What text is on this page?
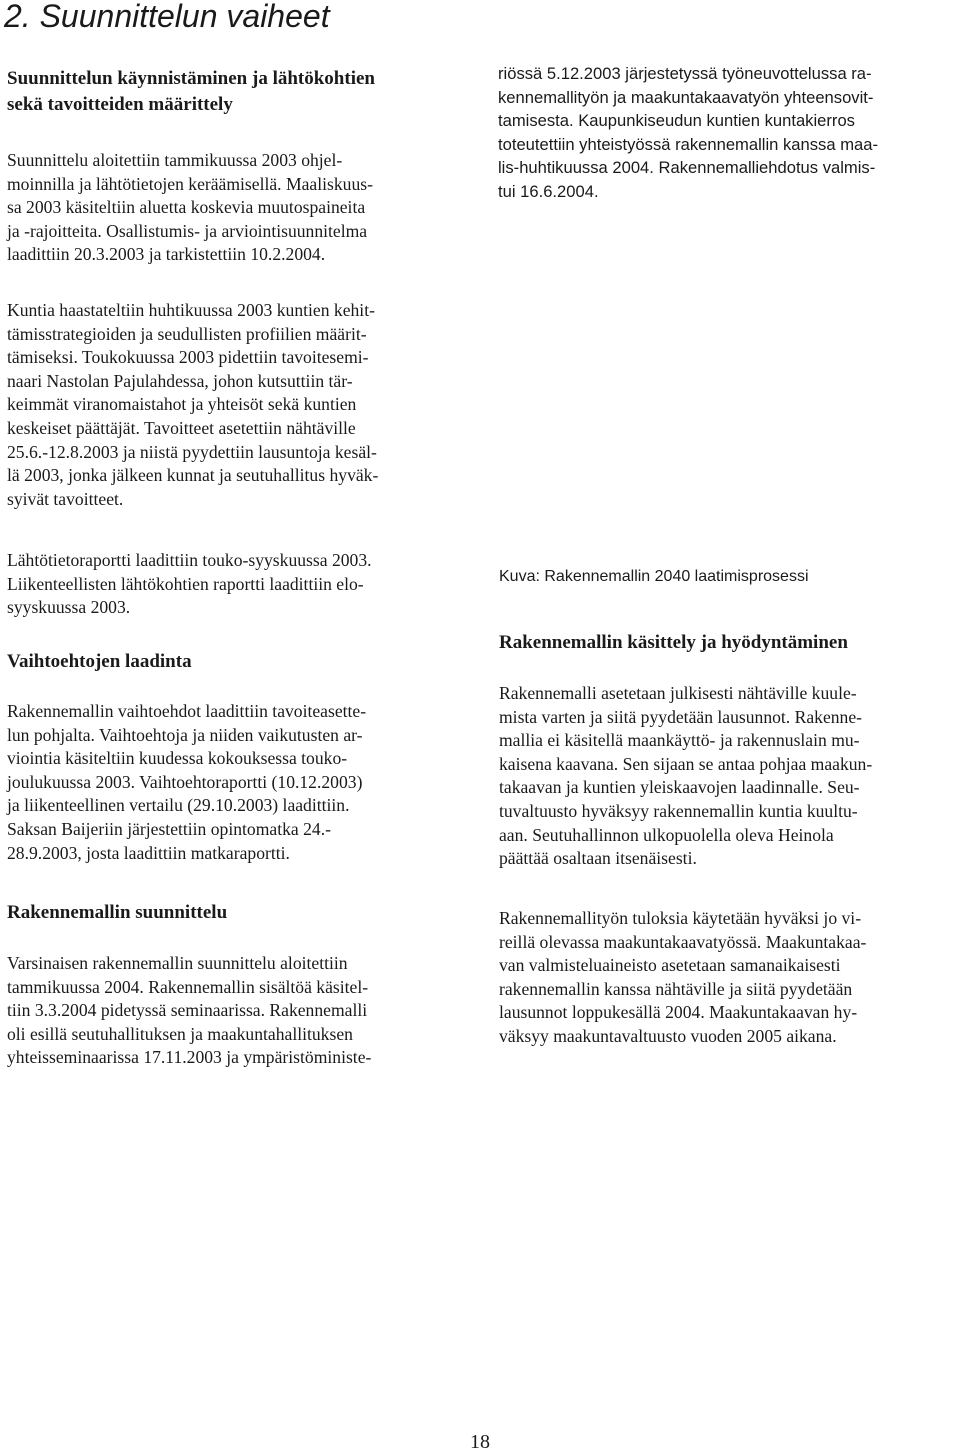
2. Suunnittelun vaiheet
Suunnittelun käynnistäminen ja lähtökohtien
sekä tavoitteiden määrittely
Suunnittelu aloitettiin tammikuussa 2003 ohjel-
moinnilla ja lähtötietojen keräämisellä. Maaliskuus-
sa 2003 käsiteltiin aluetta koskevia muutospaineita
ja -rajoitteita. Osallistumis- ja arviointisuunnitelma
laadittiin 20.3.2003 ja tarkistettiin 10.2.2004.
Kuntia haastateltiin huhtikuussa 2003 kuntien kehit-
tämisstrategioiden ja seudullisten profiilien määrit-
tämiseksi. Toukokuussa 2003 pidettiin tavoitesemi-
naari Nastolan Pajulahdessa, johon kutsuttiin tär-
keimmät viranomaistahot ja yhteisöt sekä kuntien
keskeiset päättäjät. Tavoitteet asetettiin nähtäville
25.6.-12.8.2003 ja niistä pyydettiin lausuntoja kesäl-
lä 2003, jonka jälkeen kunnat ja seutuhallitus hyväk-
syivät tavoitteet.
Lähtötietoraportti laadittiin touko-syyskuussa 2003.
Liikenteellisten lähtökohtien raportti laadittiin elo-
syyskuussa 2003.
Vaihtoehtojen laadinta
Rakennemallin vaihtoehdot laadittiin tavoiteasette-
lun pohjalta. Vaihtoehtoja ja niiden vaikutusten ar-
viointia käsiteltiin kuudessa kokouksessa touko-
joulukuussa 2003. Vaihtoehtoraportti (10.12.2003)
ja liikenteellinen vertailu (29.10.2003) laadittiin.
Saksan Baijeriin järjestettiin opintomatka 24.-
28.9.2003, josta laadittiin matkaraportti.
Rakennemallin suunnittelu
Varsinaisen rakennemallin suunnittelu aloitettiin
tammikuussa 2004. Rakennemallin sisältöä käsitel-
tiin 3.3.2004 pidetyssä seminaarissa. Rakennemalli
oli esillä seutuhallituksen ja maakuntahallituksen
yhteisseminaarissa 17.11.2003 ja ympäristöministe-
riössä 5.12.2003 järjestetyssä työneuvottelussa ra-
kennemallityön ja maakuntakaavatyön yhteensovit-
tamisesta. Kaupunkiseudun kuntien kuntakierros
toteutettiin yhteistyössä rakennemallin kanssa maa-
lis-huhtikuussa 2004. Rakennemalliehdotus valmis-
tui 16.6.2004.
Kuva: Rakennemallin 2040 laatimisprosessi
Rakennemallin käsittely ja hyödyntäminen
Rakennemalli asetetaan julkisesti nähtäville kuule-
mista varten ja siitä pyydetään lausunnot. Rakenne-
mallia ei käsitellä maankäyttö- ja rakennuslain mu-
kaisena kaavana. Sen sijaan se antaa pohjaa maakun-
takaavan ja kuntien yleiskaavojen laadinnalle. Seu-
tuvaltuusto hyväksyy rakennemallin kuntia kuultu-
aan. Seutuhallinnon ulkopuolella oleva Heinola
päättää osaltaan itsenäisesti.
Rakennemallityön tuloksia käytetään hyväksi jo vi-
reillä olevassa maakuntakaavatyössä. Maakuntakaa-
van valmisteluaineisto asetetaan samanaikaisesti
rakennemallin kanssa nähtäville ja siitä pyydetään
lausunnot loppukesällä 2004. Maakuntakaavan hy-
väksyy maakuntavaltuusto vuoden 2005 aikana.
18
